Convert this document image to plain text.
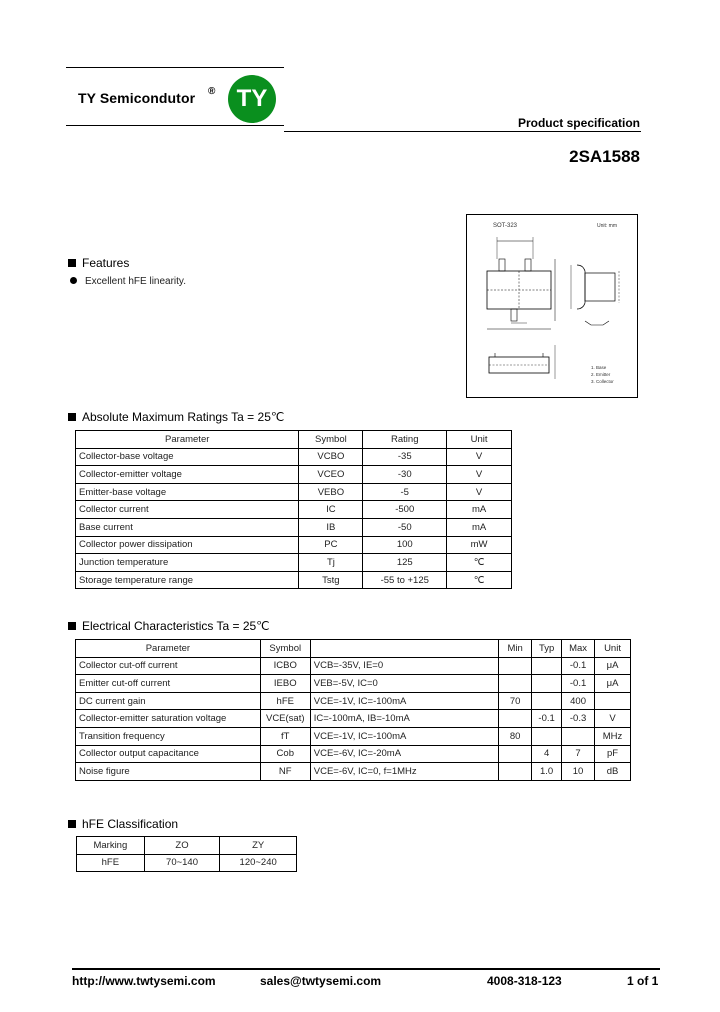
TY Semicondutor ® TY
Product specification
2SA1588
SOT-323	Unit: mm
1. Base
2. Emitter
3. Collector
Features
Excellent hFE linearity.
Absolute Maximum Ratings Ta = 25℃
Parameter	Symbol	Rating	Unit
Collector-base voltage	VCBO	-35	V
Collector-emitter voltage	VCEO	-30	V
Emitter-base voltage	VEBO	-5	V
Collector current	IC	-500	mA
Base current	IB	-50	mA
Collector power dissipation	PC	100	mW
Junction temperature	Tj	125	℃
Storage temperature range	Tstg	-55 to +125	℃
Electrical Characteristics Ta = 25℃
Parameter	Symbol		Min	Typ	Max	Unit
Collector cut-off current	ICBO	VCB=-35V, IE=0			-0.1	μA
Emitter cut-off current	IEBO	VEB=-5V, IC=0			-0.1	μA
DC current gain	hFE	VCE=-1V, IC=-100mA	70		400	
Collector-emitter saturation voltage	VCE(sat)	IC=-100mA, IB=-10mA		-0.1	-0.3	V
Transition frequency	fT	VCE=-1V, IC=-100mA	80			MHz
Collector output capacitance	Cob	VCE=-6V, IC=-20mA		4	7	pF
Noise figure	NF	VCE=-6V, IC=0, f=1MHz		1.0	10	dB
hFE Classification
Marking	ZO	ZY
hFE	70~140	120~240
http://www.twtysemi.com	sales@twtysemi.com	4008-318-123	1 of 1
